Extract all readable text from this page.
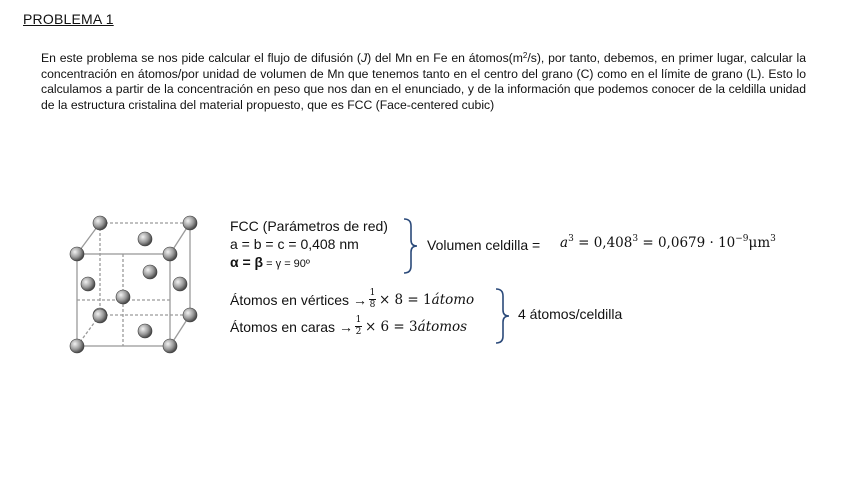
PROBLEMA 1
En este problema se nos pide calcular el flujo de difusión (J) del Mn en Fe en $átomos(m^2/s)$, por tanto, debemos, en primer lugar, calcular la concentración en átomos/por unidad de volumen de Mn que tenemos tanto en el centro del grano (C) como en el límite de grano (L). Esto lo calculamos a partir de la concentración en peso que nos dan en el enunciado, y de la información que podemos conocer de la celdilla unidad de la estructura cristalina del material propuesto, que es FCC (Face-centered cubic)
FCC (Parámetros de red)
a = b = c = 0,408 nm
α = β = γ = 90º
Volumen celdilla = $a^3 = 0,408^3 = 0,0679 \cdot 10^{-9}\mu m^3$
Átomos en vértices
→ $\frac{1}{8} \times 8 = 1$ átomo
Átomos en caras
→ $\frac{1}{2} \times 6 = 3$ átomos
4 átomos/celdilla
